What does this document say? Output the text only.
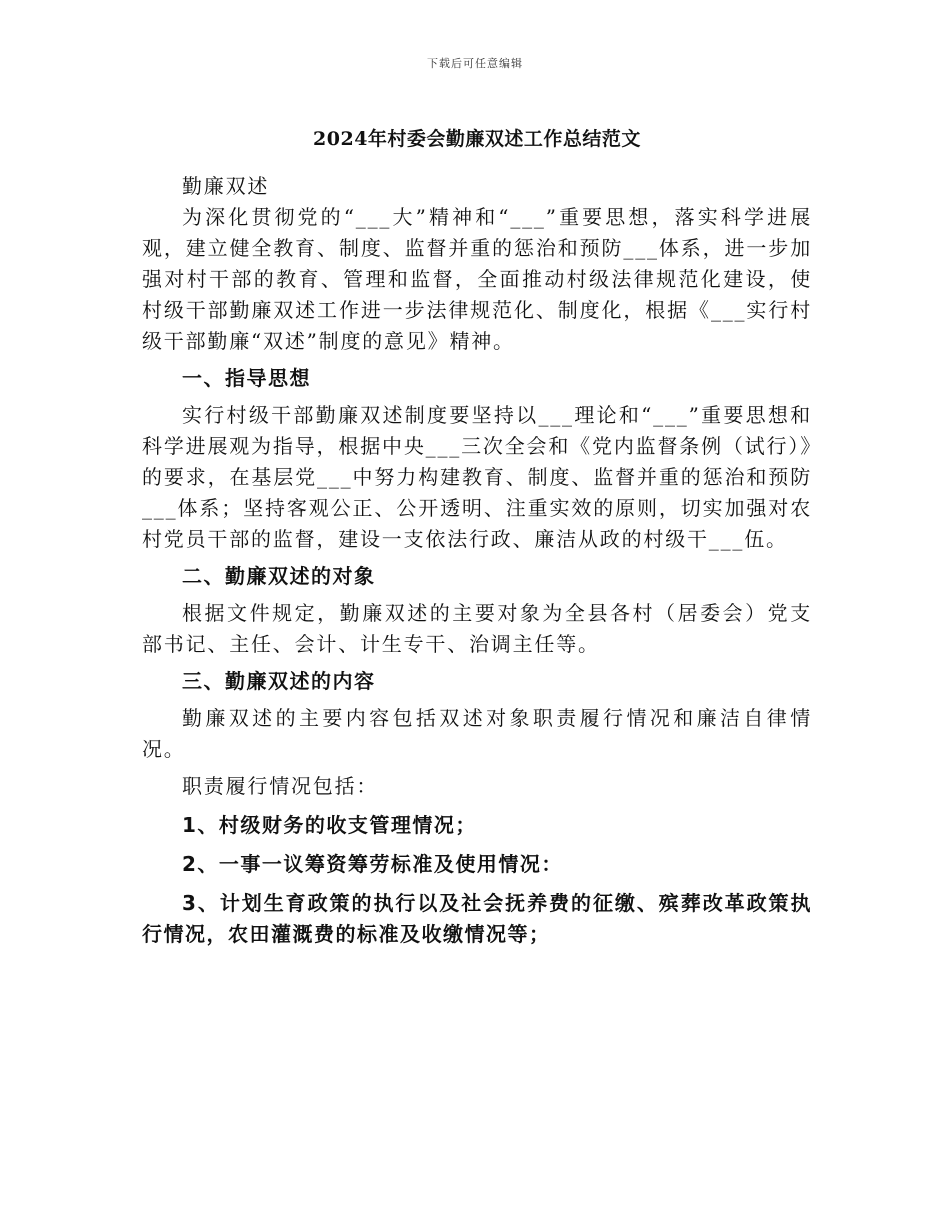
下载后可任意编辑
2024年村委会勤廉双述工作总结范文

勤廉双述

为深化贯彻党的“___大”精神和“___”重要思想，落实科学进展观，建立健全教育、制度、监督并重的惩治和预防___体系，进一步加强对村干部的教育、管理和监督，全面推动村级法律规范化建设，使村级干部勤廉双述工作进一步法律规范化、制度化，根据《___实行村级干部勤廉“双述”制度的意见》精神。

一、指导思想

实行村级干部勤廉双述制度要坚持以___理论和“___”重要思想和科学进展观为指导，根据中央___三次全会和《党内监督条例（试行）》的要求，在基层党___中努力构建教育、制度、监督并重的惩治和预防___体系；坚持客观公正、公开透明、注重实效的原则，切实加强对农村党员干部的监督，建设一支依法行政、廉洁从政的村级干___伍。

二、勤廉双述的对象

根据文件规定，勤廉双述的主要对象为全县各村（居委会）党支部书记、主任、会计、计生专干、治调主任等。

三、勤廉双述的内容

勤廉双述的主要内容包括双述对象职责履行情况和廉洁自律情况。

职责履行情况包括：

1、村级财务的收支管理情况；

2、一事一议筹资筹劳标准及使用情况：

3、计划生育政策的执行以及社会抚养费的征缴、殡葬改革政策执行情况，农田灌溉费的标准及收缴情况等；
